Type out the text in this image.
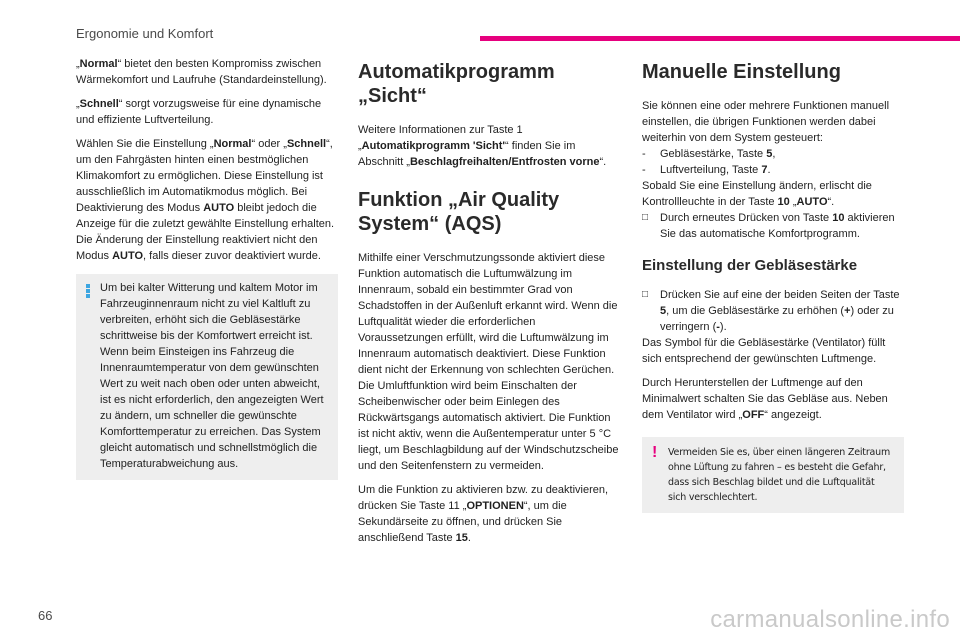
Ergonomie und Komfort

„Normal“ bietet den besten Kompromiss zwischen Wärmekomfort und Laufruhe (Standardeinstellung).

„Schnell“ sorgt vorzugsweise für eine dynamische und effiziente Luftverteilung.

Wählen Sie die Einstellung „Normal“ oder „Schnell“, um den Fahrgästen hinten einen bestmöglichen Klimakomfort zu ermöglichen. Diese Einstellung ist ausschließlich im Automatikmodus möglich. Bei Deaktivierung des Modus AUTO bleibt jedoch die Anzeige für die zuletzt gewählte Einstellung erhalten. Die Änderung der Einstellung reaktiviert nicht den Modus AUTO, falls dieser zuvor deaktiviert wurde.

Um bei kalter Witterung und kaltem Motor im Fahrzeuginnenraum nicht zu viel Kaltluft zu verbreiten, erhöht sich die Gebläsestärke schrittweise bis der Komfortwert erreicht ist. Wenn beim Einsteigen ins Fahrzeug die Innenraumtemperatur von dem gewünschten Wert zu weit nach oben oder unten abweicht, ist es nicht erforderlich, den angezeigten Wert zu ändern, um schneller die gewünschte Komforttemperatur zu erreichen. Das System gleicht automatisch und schnellstmöglich die Temperaturabweichung aus.
Automatikprogramm „Sicht“

Weitere Informationen zur Taste 1 „Automatikprogramm 'Sicht'“ finden Sie im Abschnitt „Beschlagfreihalten/Entfrosten vorne“.

Funktion „Air Quality System“ (AQS)

Mithilfe einer Verschmutzungssonde aktiviert diese Funktion automatisch die Luftumwälzung im Innenraum, sobald ein bestimmter Grad von Schadstoffen in der Außenluft erkannt wird. Wenn die Luftqualität wieder die erforderlichen Voraussetzungen erfüllt, wird die Luftumwälzung im Innenraum automatisch deaktiviert. Diese Funktion dient nicht der Erkennung von schlechten Gerüchen. Die Umluftfunktion wird beim Einschalten der Scheibenwischer oder beim Einlegen des Rückwärtsgangs automatisch aktiviert. Die Funktion ist nicht aktiv, wenn die Außentemperatur unter 5 °C liegt, um Beschlagbildung auf der Windschutzscheibe und den Seitenfenstern zu vermeiden.

Um die Funktion zu aktivieren bzw. zu deaktivieren, drücken Sie Taste 11 „OPTIONEN“, um die Sekundärseite zu öffnen, und drücken Sie anschließend Taste 15.

Manuelle Einstellung
Sie können eine oder mehrere Funktionen manuell einstellen, die übrigen Funktionen werden dabei weiterhin von dem System gesteuert:
-	Gebläsestärke, Taste 5,
-	Luftverteilung, Taste 7.
Sobald Sie eine Einstellung ändern, erlischt die Kontrollleuchte in der Taste 10 „AUTO“.
□	Durch erneutes Drücken von Taste 10 aktivieren Sie das automatische Komfortprogramm.
Einstellung der Gebläsestärke
□	Drücken Sie auf eine der beiden Seiten der Taste 5, um die Gebläsestärke zu erhöhen (+) oder zu verringern (-).

Das Symbol für die Gebläsestärke (Ventilator) füllt sich entsprechend der gewünschten Luftmenge.

Durch Herunterstellen der Luftmenge auf den Minimalwert schalten Sie das Gebläse aus. Neben dem Ventilator wird „OFF“ angezeigt.

! Vermeiden Sie es, über einen längeren Zeitraum ohne Lüftung zu fahren – es besteht die Gefahr, dass sich Beschlag bildet und die Luftqualität sich verschlechtert.
66	carmanualsonline.info
